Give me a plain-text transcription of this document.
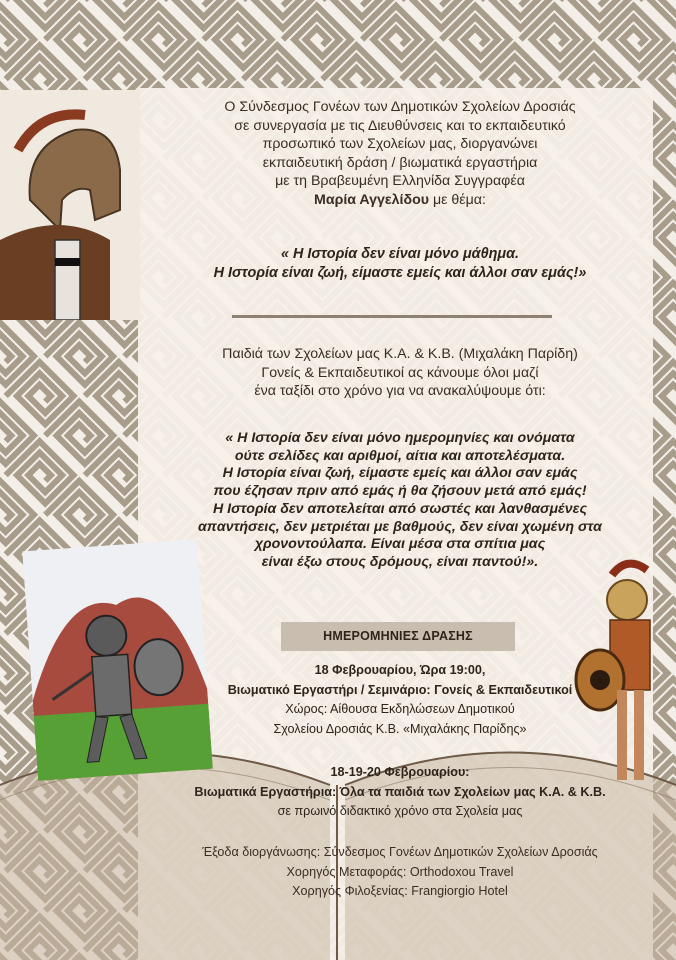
Ο Σύνδεσμος Γονέων των Δημοτικών Σχολείων Δροσιάς
σε συνεργασία με τις Διευθύνσεις και το εκπαιδευτικό
προσωπικό των Σχολείων μας, διοργανώνει
εκπαιδευτική δράση / βιωματικά εργαστήρια
με τη Βραβευμένη Ελληνίδα Συγγραφέα
Μαρία Αγγελίδου με θέμα:
« Η Ιστορία δεν είναι μόνο μάθημα.
Η Ιστορία είναι ζωή, είμαστε εμείς και άλλοι σαν εμάς!»
Παιδιά των Σχολείων μας Κ.Α. & Κ.Β. (Μιχαλάκη Παρίδη)
Γονείς & Εκπαιδευτικοί ας κάνουμε όλοι μαζί
ένα ταξίδι στο χρόνο για να ανακαλύψουμε ότι:
« Η Ιστορία δεν είναι μόνο ημερομηνίες και ονόματα
ούτε σελίδες και αριθμοί, αίτια και αποτελέσματα.
Η Ιστορία είναι ζωή, είμαστε εμείς και άλλοι σαν εμάς
που έζησαν πριν από εμάς ή θα ζήσουν μετά από εμάς!
Η Ιστορία δεν αποτελείται από σωστές και λανθασμένες
απαντήσεις, δεν μετριέται με βαθμούς, δεν είναι χωμένη στα
χρονοντούλαπα. Είναι μέσα στα σπίτια μας
είναι έξω στους δρόμους, είναι παντού!».
ΗΜΕΡΟΜΗΝΙΕΣ ΔΡΑΣΗΣ
18 Φεβρουαρίου, Ώρα 19:00,
Βιωματικό Εργαστήρι / Σεμινάριο: Γονείς & Εκπαιδευτικοί
Χώρος: Αίθουσα Εκδηλώσεων Δημοτικού
Σχολείου Δροσιάς Κ.Β. «Μιχαλάκης Παρίδης»
18-19-20 Φεβρουαρίου:
Βιωματικά Εργαστήρια: Όλα τα παιδιά των Σχολείων μας Κ.Α. & Κ.Β.
σε πρωινό διδακτικό χρόνο στα Σχολεία μας
Έξοδα διοργάνωσης: Σύνδεσμος Γονέων Δημοτικών Σχολείων Δροσιάς
Χορηγός Μεταφοράς: Orthodoxou Travel
Χορηγός Φιλοξενίας: Frangiorgio Hotel
